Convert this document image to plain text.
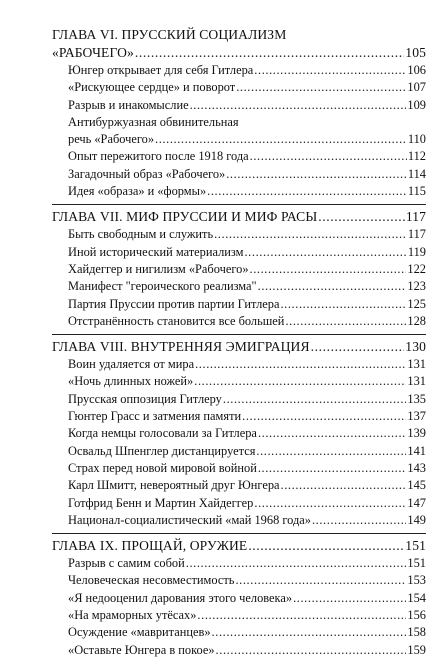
ГЛАВА VI. ПРУССКИЙ СОЦИАЛИЗМ
«РАБОЧЕГО» .....	105
Юнгер открывает для себя Гитлера .....	106
«Рискующее сердце» и поворот .....	107
Разрыв и инакомыслие .....	109
Антибуржуазная обвинительная
речь «Рабочего» .....	110
Опыт пережитого после 1918 года .....	112
Загадочный образ «Рабочего» .....	114
Идея «образа» и «формы» .....	115
ГЛАВА VII. МИФ ПРУССИИ И МИФ РАСЫ .....	117
Быть свободным и служить .....	117
Иной исторический материализм .....	119
Хайдеггер и нигилизм «Рабочего» .....	122
Манифест "героического реализма" .....	123
Партия Пруссии против партии Гитлера .....	125
Отстранённость становится все большей .....	128
ГЛАВА VIII. ВНУТРЕННЯЯ ЭМИГРАЦИЯ .....	130
Воин удаляется от мира .....	131
«Ночь длинных ножей» .....	131
Прусская оппозиция Гитлеру .....	135
Гюнтер Грасс и затмения памяти .....	137
Когда немцы голосовали за Гитлера .....	139
Освальд Шпенглер дистанцируется .....	141
Страх перед новой мировой войной .....	143
Карл Шмитт, невероятный друг Юнгера .....	145
Готфрид Бенн и Мартин Хайдеггер .....	147
Национал-социалистический «май 1968 года» .....	149
ГЛАВА IX. ПРОЩАЙ, ОРУЖИЕ .....	151
Разрыв с самим собой .....	151
Человеческая несовместимость .....	153
«Я недооценил дарования этого человека» .....	154
«На мраморных утёсах» .....	156
Осуждение «мавританцев» .....	158
«Оставьте Юнгера в покое» .....	159
